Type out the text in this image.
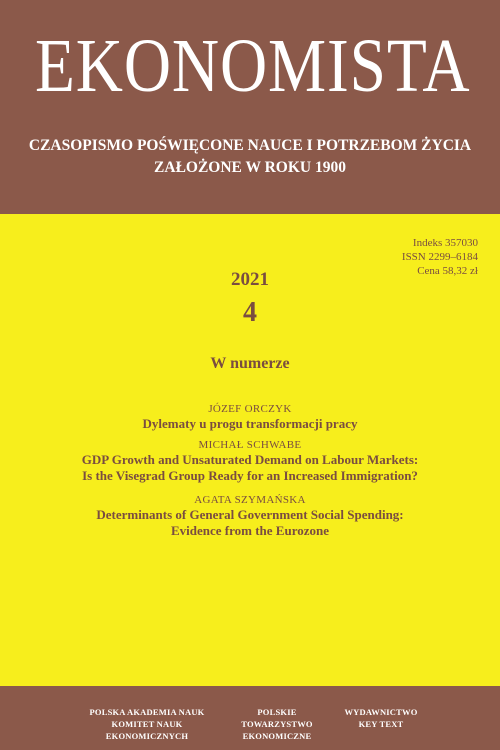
EKONOMISTA
CZASOPISMO POŚWIĘCONE NAUCE I POTRZEBOM ŻYCIA
ZAŁOŻONE W ROKU 1900
Indeks 357030
ISSN 2299–6184
Cena 58,32 zł
2021
4
W numerze
JÓZEF ORCZYK
Dylematy u progu transformacji pracy
MICHAŁ SCHWABE
GDP Growth and Unsaturated Demand on Labour Markets:
Is the Visegrad Group Ready for an Increased Immigration?
AGATA SZYMAŃSKA
Determinants of General Government Social Spending:
Evidence from the Eurozone
POLSKA AKADEMIA NAUK
KOMITET NAUK EKONOMICZNYCH
POLSKIE TOWARZYSTWO
EKONOMICZNE
WYDAWNICTWO
KEY TEXT
